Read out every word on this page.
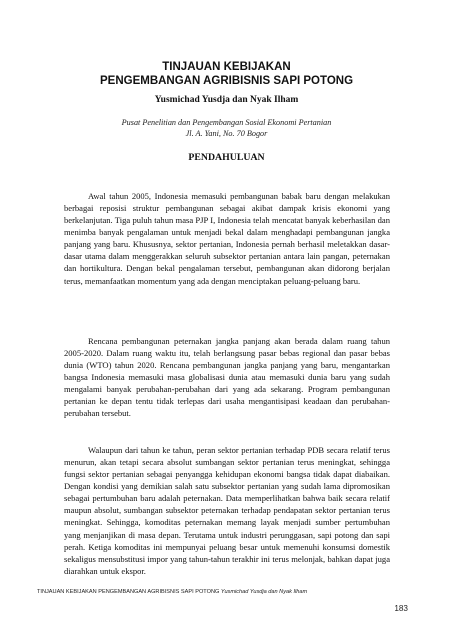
TINJAUAN KEBIJAKAN
PENGEMBANGAN AGRIBISNIS SAPI POTONG
Yusmichad Yusdja dan Nyak Ilham
Pusat Penelitian dan Pengembangan Sosial Ekonomi Pertanian
Jl. A. Yani, No. 70 Bogor
PENDAHULUAN

Awal tahun 2005, Indonesia memasuki pembangunan babak baru dengan melakukan berbagai reposisi struktur pembangunan sebagai akibat dampak krisis ekonomi yang berkelanjutan. Tiga puluh tahun masa PJP I, Indonesia telah mencatat banyak keberhasilan dan menimba banyak pengalaman untuk menjadi bekal dalam menghadapi pembangunan jangka panjang yang baru. Khususnya, sektor pertanian, Indonesia pernah berhasil meletakkan dasar-dasar utama dalam menggerakkan seluruh subsektor pertanian antara lain pangan, peternakan dan hortikultura. Dengan bekal pengalaman tersebut, pembangunan akan didorong berjalan terus, memanfaatkan momentum yang ada dengan menciptakan peluang-peluang baru.

Rencana pembangunan peternakan jangka panjang akan berada dalam ruang tahun 2005-2020. Dalam ruang waktu itu, telah berlangsung pasar bebas regional dan pasar bebas dunia (WTO) tahun 2020. Rencana pembangunan jangka panjang yang baru, mengantarkan bangsa Indonesia memasuki masa globalisasi dunia atau memasuki dunia baru yang sudah mengalami banyak perubahan-perubahan dari yang ada sekarang. Program pembangunan pertanian ke depan tentu tidak terlepas dari usaha mengantisipasi keadaan dan perubahan-perubahan tersebut.

Walaupun dari tahun ke tahun, peran sektor pertanian terhadap PDB secara relatif terus menurun, akan tetapi secara absolut sumbangan sektor pertanian terus meningkat, sehingga fungsi sektor pertanian sebagai penyangga kehidupan ekonomi bangsa tidak dapat diabaikan. Dengan kondisi yang demikian salah satu subsektor pertanian yang sudah lama dipromosikan sebagai pertumbuhan baru adalah peternakan. Data memperlihatkan bahwa baik secara relatif maupun absolut, sumbangan subsektor peternakan terhadap pendapatan sektor pertanian terus meningkat. Sehingga, komoditas peternakan memang layak menjadi sumber pertumbuhan yang menjanjikan di masa depan. Terutama untuk industri perunggasan, sapi potong dan sapi perah. Ketiga komoditas ini mempunyai peluang besar untuk memenuhi konsumsi domestik sekaligus mensubstitusi impor yang tahun-tahun terakhir ini terus melonjak, bahkan dapat juga diarahkan untuk ekspor.

TINJAUAN KEBIJAKAN PENGEMBANGAN AGRIBISNIS SAPI POTONG Yusmichad Yusdja dan Nyak Ilham
183
